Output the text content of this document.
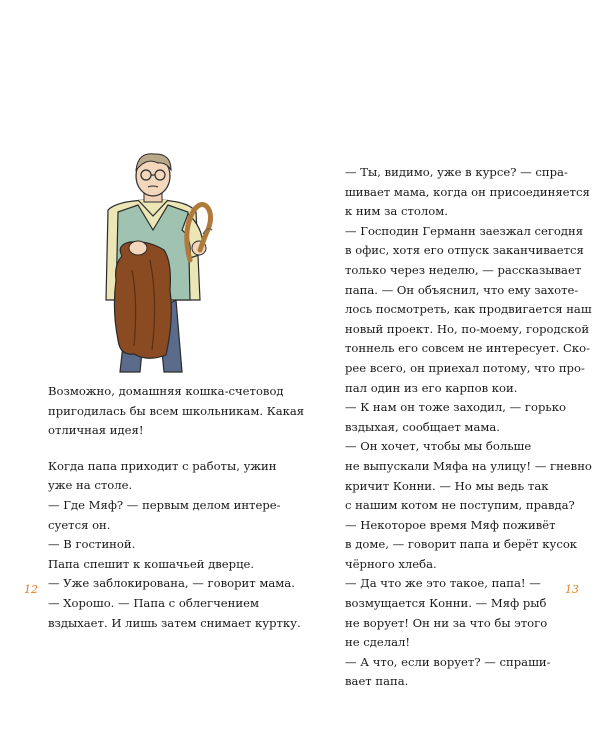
Возможно, домашняя кошка-счетовод
пригодилась бы всем школьникам. Какая
отличная идея!
Когда папа приходит с работы, ужин
уже на столе.
— Где Мяф? — первым делом интере-
суется он.
— В гостиной.
Папа спешит к кошачьей дверце.
— Уже заблокирована, — говорит мама.
— Хорошо. — Папа с облегчением
вздыхает. И лишь затем снимает куртку.
— Ты, видимо, уже в курсе? — спра-
шивает мама, когда он присоединяется
к ним за столом.
— Господин Германн заезжал сегодня
в офис, хотя его отпуск заканчивается
только через неделю, — рассказывает
папа. — Он объяснил, что ему захоте-
лось посмотреть, как продвигается наш
новый проект. Но, по-моему, городской
тоннель его совсем не интересует. Ско-
рее всего, он приехал потому, что про-
пал один из его карпов кои.
— К нам он тоже заходил, — горько
вздыхая, сообщает мама.
— Он хочет, чтобы мы больше
не выпускали Мяфа на улицу! — гневно
кричит Конни. — Но мы ведь так
с нашим котом не поступим, правда?
— Некоторое время Мяф поживёт
в доме, — говорит папа и берёт кусок
чёрного хлеба.
— Да что же это такое, папа! —
возмущается Конни. — Мяф рыб
не ворует! Он ни за что бы этого
не сделал!
— А что, если ворует? — спраши-
вает папа.
12	13
